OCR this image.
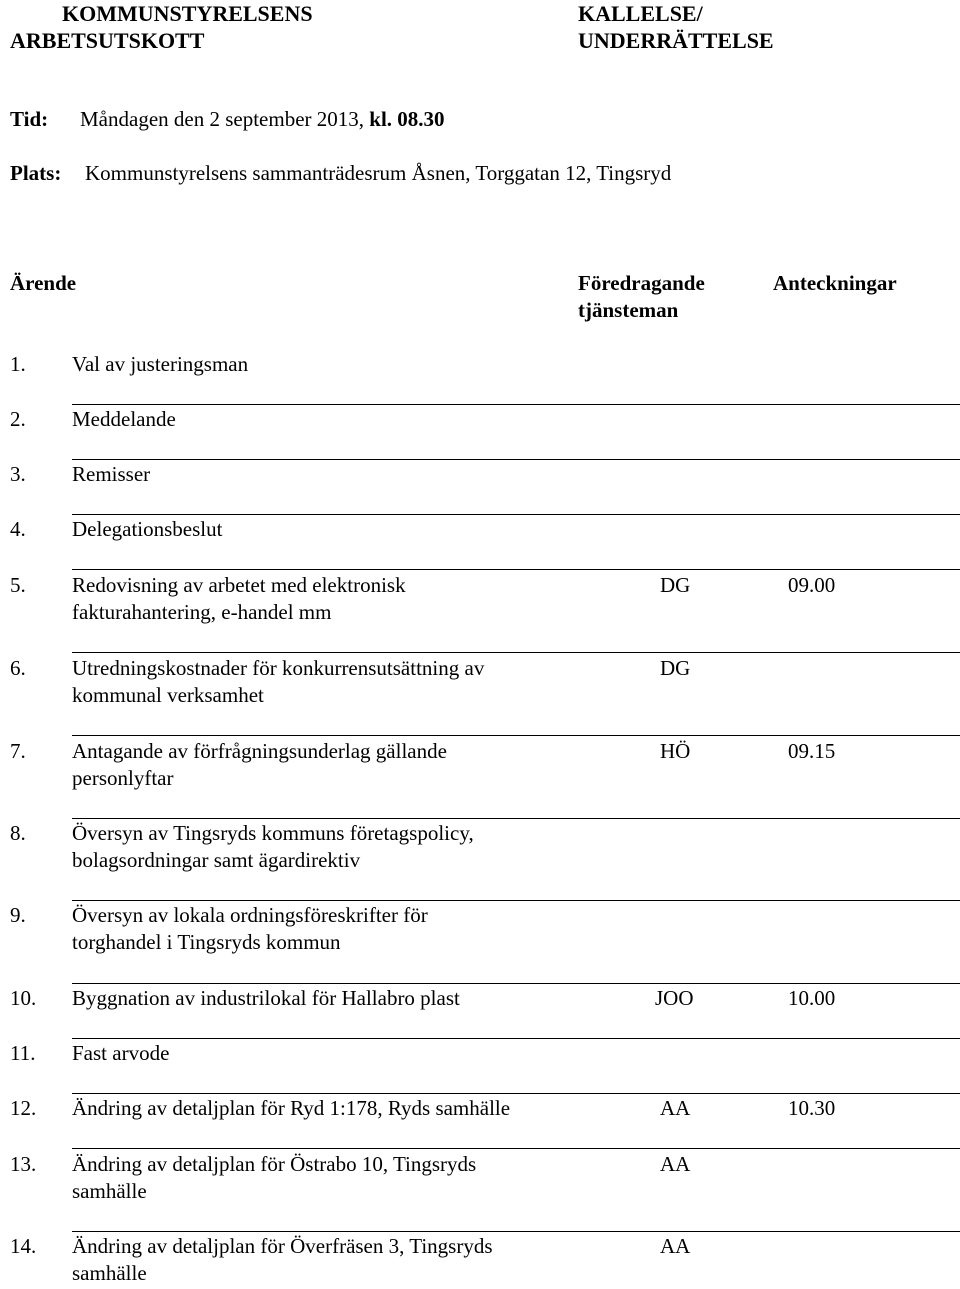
KOMMUNSTYRELSENS
ARBETSUTSKOTT
KALLELSE/
UNDERRÄTTELSE
Tid: Måndagen den 2 september 2013, kl. 08.30
Plats: Kommunstyrelsens sammanträdesrum Åsnen, Torggatan 12, Tingsryd
Ärende	Föredragande
tjänsteman
Anteckningar
1. Val av justeringsman
2. Meddelande
3. Remisser
4. Delegationsbeslut
5. Redovisning av arbetet med elektronisk
fakturahantering, e-handel mm
DG	09.00
6. Utredningskostnader för konkurrensutsättning av
kommunal verksamhet
DG
7. Antagande av förfrågningsunderlag gällande
personlyftar
HÖ	09.15
8. Översyn av Tingsryds kommuns företagspolicy,
bolagsordningar samt ägardirektiv
9. Översyn av lokala ordningsföreskrifter för
torghandel i Tingsryds kommun
10. Byggnation av industrilokal för Hallabro plast	JOO	10.00
11. Fast arvode
12. Ändring av detaljplan för Ryd 1:178, Ryds samhälle	AA	10.30
13. Ändring av detaljplan för Östrabo 10, Tingsryds
samhälle
AA
14. Ändring av detaljplan för Överfräsen 3, Tingsryds
samhälle
AA
